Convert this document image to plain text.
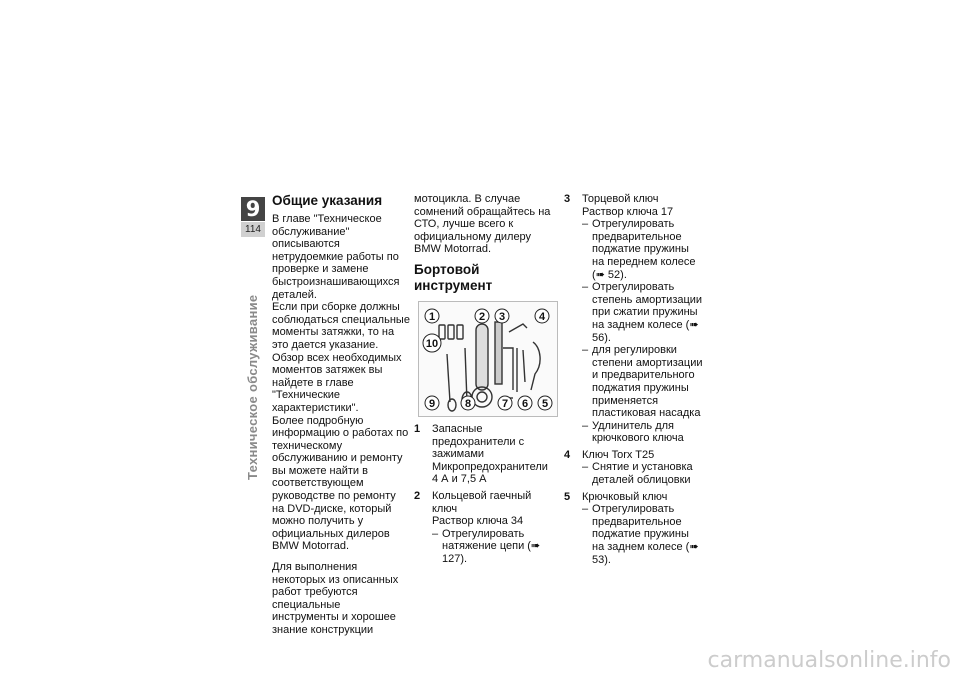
9
114
Техническое обслуживание
Общие указания

В главе "Техническое обслуживание" описываются нетрудоемкие работы по проверке и замене быстроизнашивающихся деталей.

Если при сборке должны соблюдаться специальные моменты затяжки, то на это дается указание. Обзор всех необходимых моментов затяжек вы найдете в главе "Технические характеристики".

Более подробную информацию о работах по техническому обслуживанию и ремонту вы можете найти в соответствующем руководстве по ремонту на DVD-диске, который можно получить у официальных дилеров BMW Motorrad.

Для выполнения некоторых из описанных работ требуются специальные инструменты и хорошее знание конструкции

мотоцикла. В случае сомнений обращайтесь на СТО, лучше всего к официальному дилеру BMW Motorrad.

Бортовой инструмент
1	2 3	4
5
6
7
8
9
10
1	Запасные предохранители с зажимами

Микропредохранители 4 А и 7,5 А

2	Кольцевой гаечный ключ

Раствор ключа 34

– Отрегулировать натяжение цепи (➠ 127).
3	Торцевой ключ

Раствор ключа 17

– Отрегулировать предварительное поджатие пружины на переднем колесе (➠ 52).
– Отрегулировать степень амортизации при сжатии пружины на заднем колесе (➠ 56).
– для регулировки степени амортизации и предварительного поджатия пружины применяется пластиковая насадка
– Удлинитель для крючкового ключа
4	Ключ Torx T25

– Снятие и установка деталей облицовки
5	Крючковый ключ

– Отрегулировать предварительное поджатие пружины на заднем колесе (➠ 53).
carmanualsonline.info
